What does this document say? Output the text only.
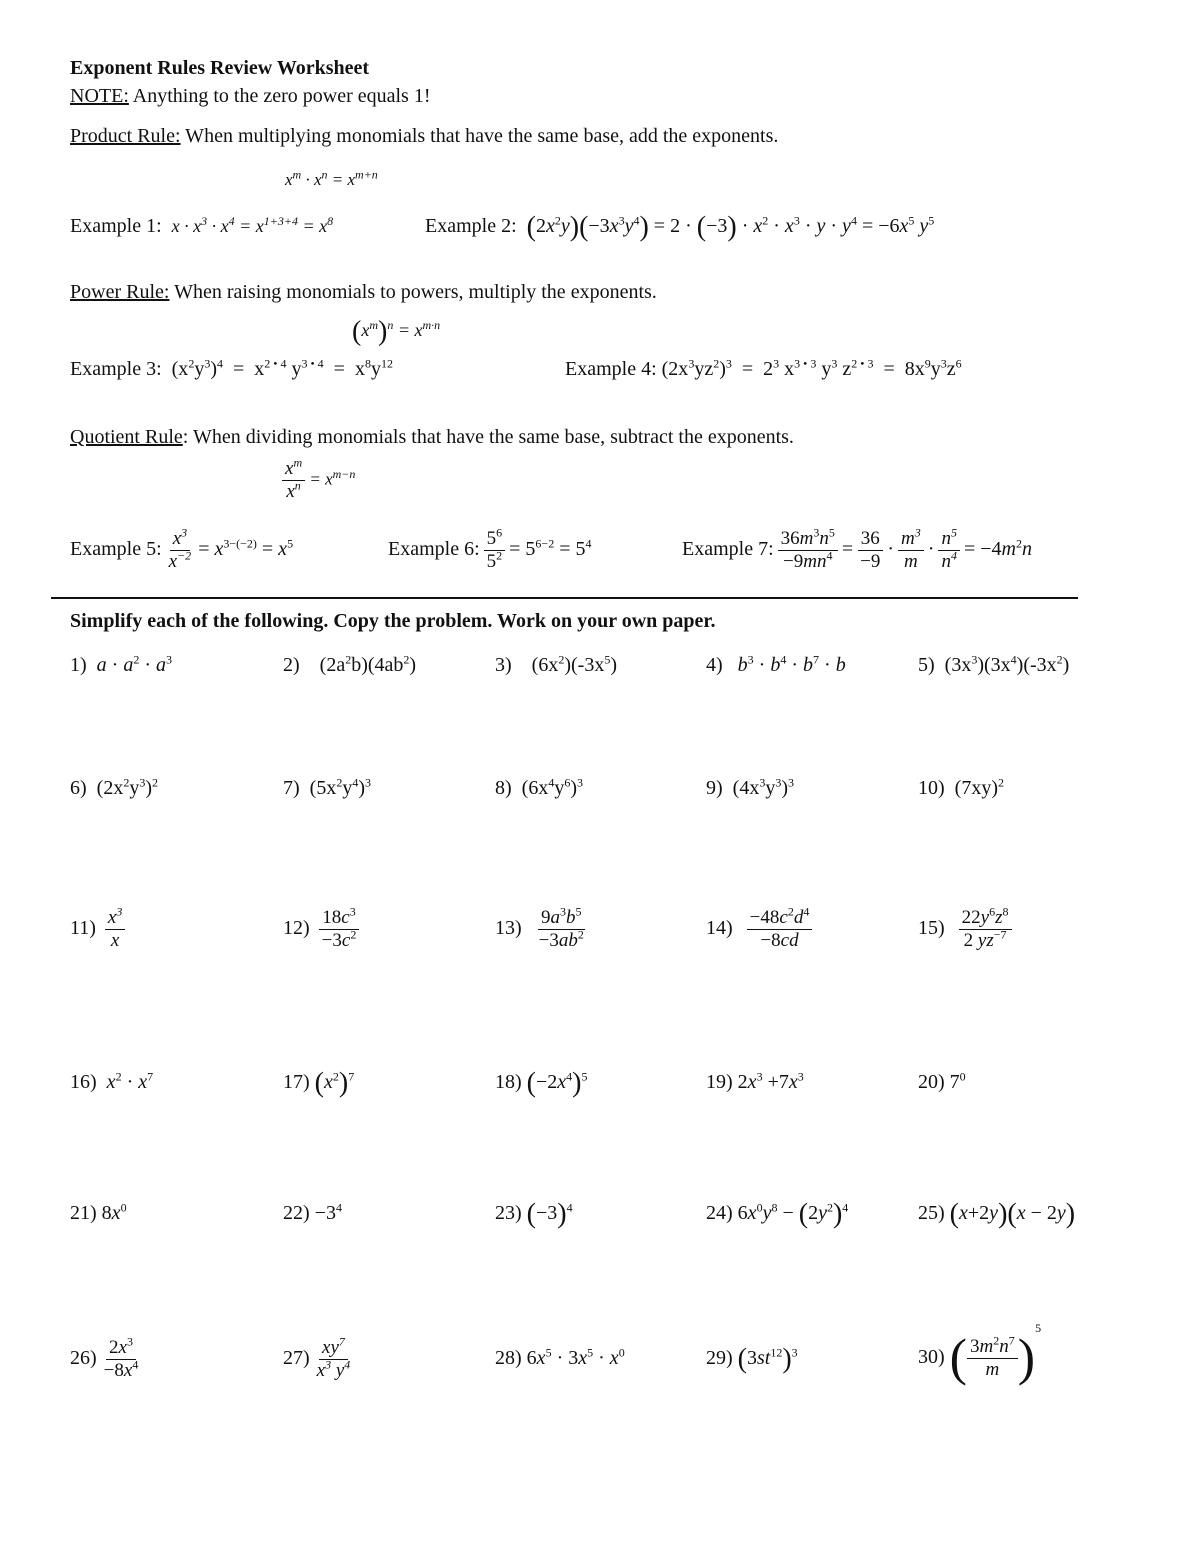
Exponent Rules Review Worksheet
NOTE: Anything to the zero power equals 1!
Product Rule: When multiplying monomials that have the same base, add the exponents.
$x^m \cdot x^n = x^{m+n}$
Example 1: $x \cdot x^3 \cdot x^4 = x^{1+3+4} = x^8$	Example 2: $(2x^2y)(-3x^3y^4) = 2 \cdot (-3) \cdot x^2 \cdot x^3 \cdot y \cdot y^4 = -6x^5$ $y^5$
Power Rule: When raising monomials to powers, multiply the exponents.
$(x^m)^n = x^{m\cdot n}$
Example 3:  $(x^2y^3)^4 = x^{2 • 4}$ $y^{3 • 4} = x^8y^{12}$	Example 4: $(2x^3yz^2)^3 = 2^3$ $x^{3 • 3}$ $y^3$ $z^{2 • 3} = 8x^9y^3z^6$
Quotient Rule: When dividing monomials that have the same base, subtract the exponents.
$\frac{x^m}{x^n} = x^{m-n}$
Example 5: $\frac{x^3}{x^{-2}} = x^{3-(-2)} = x^5$	Example 6: $\frac{5^6}{5^2} = 5^{6-2} = 5^4$	Example 7: $\frac{36m^3n^5}{-9mn^4} = \frac{36}{-9} \cdot \frac{m^3}{m} \cdot \frac{n^5}{n^4} = -4m^2n$
Simplify each of the following. Copy the problem. Work on your own paper.
1) $a \cdot a^2 \cdot a^3$	2)    $(2a^2b)(4ab^2)$	3)    $(6x^2)(-3x^5)$	4) $b^3 \cdot b^4 \cdot b^7 \cdot b$	5)  $(3x^3)(3x^4)(-3x^2)$
6)  $(2x^2y^3)^2$	7)  $(5x^2y^4)^3$	8)  $(6x^4y^6)^3$	9)  $(4x^3y^3)^3$	10)  $(7xy)^2$
$11) \frac{x^3}{x}$	$12) \frac{18c^3}{-3c^2}$	$13) \frac{9a^3b^5}{-3ab^2}$	$14) \frac{-48c^2d^4}{-8cd}$	$15) \frac{22y^6z^8}{2 yz^{-7}}$
16) $x^2 \cdot x^7$	17) $(x^2)^7$	18) $(-2x^4)^5$	19) $2x^3 +7x^3$	20) $7^0$
21) $8x^0$	$22) -3^4$	23) $(-3)^4$	24) $6x^0y^8 - (2y^2)^4$	25) (x+2y)(x − 2y)
$26) \frac{2x^3}{-8x^4}$	$27) \frac{xy^7}{x^3 y^4}$	28) $6x^5 \cdot 3x^5 \cdot x^0$	29) $(3st^{12})^3$	30) ( $\frac{3m^2n^7}{m} )^5$
